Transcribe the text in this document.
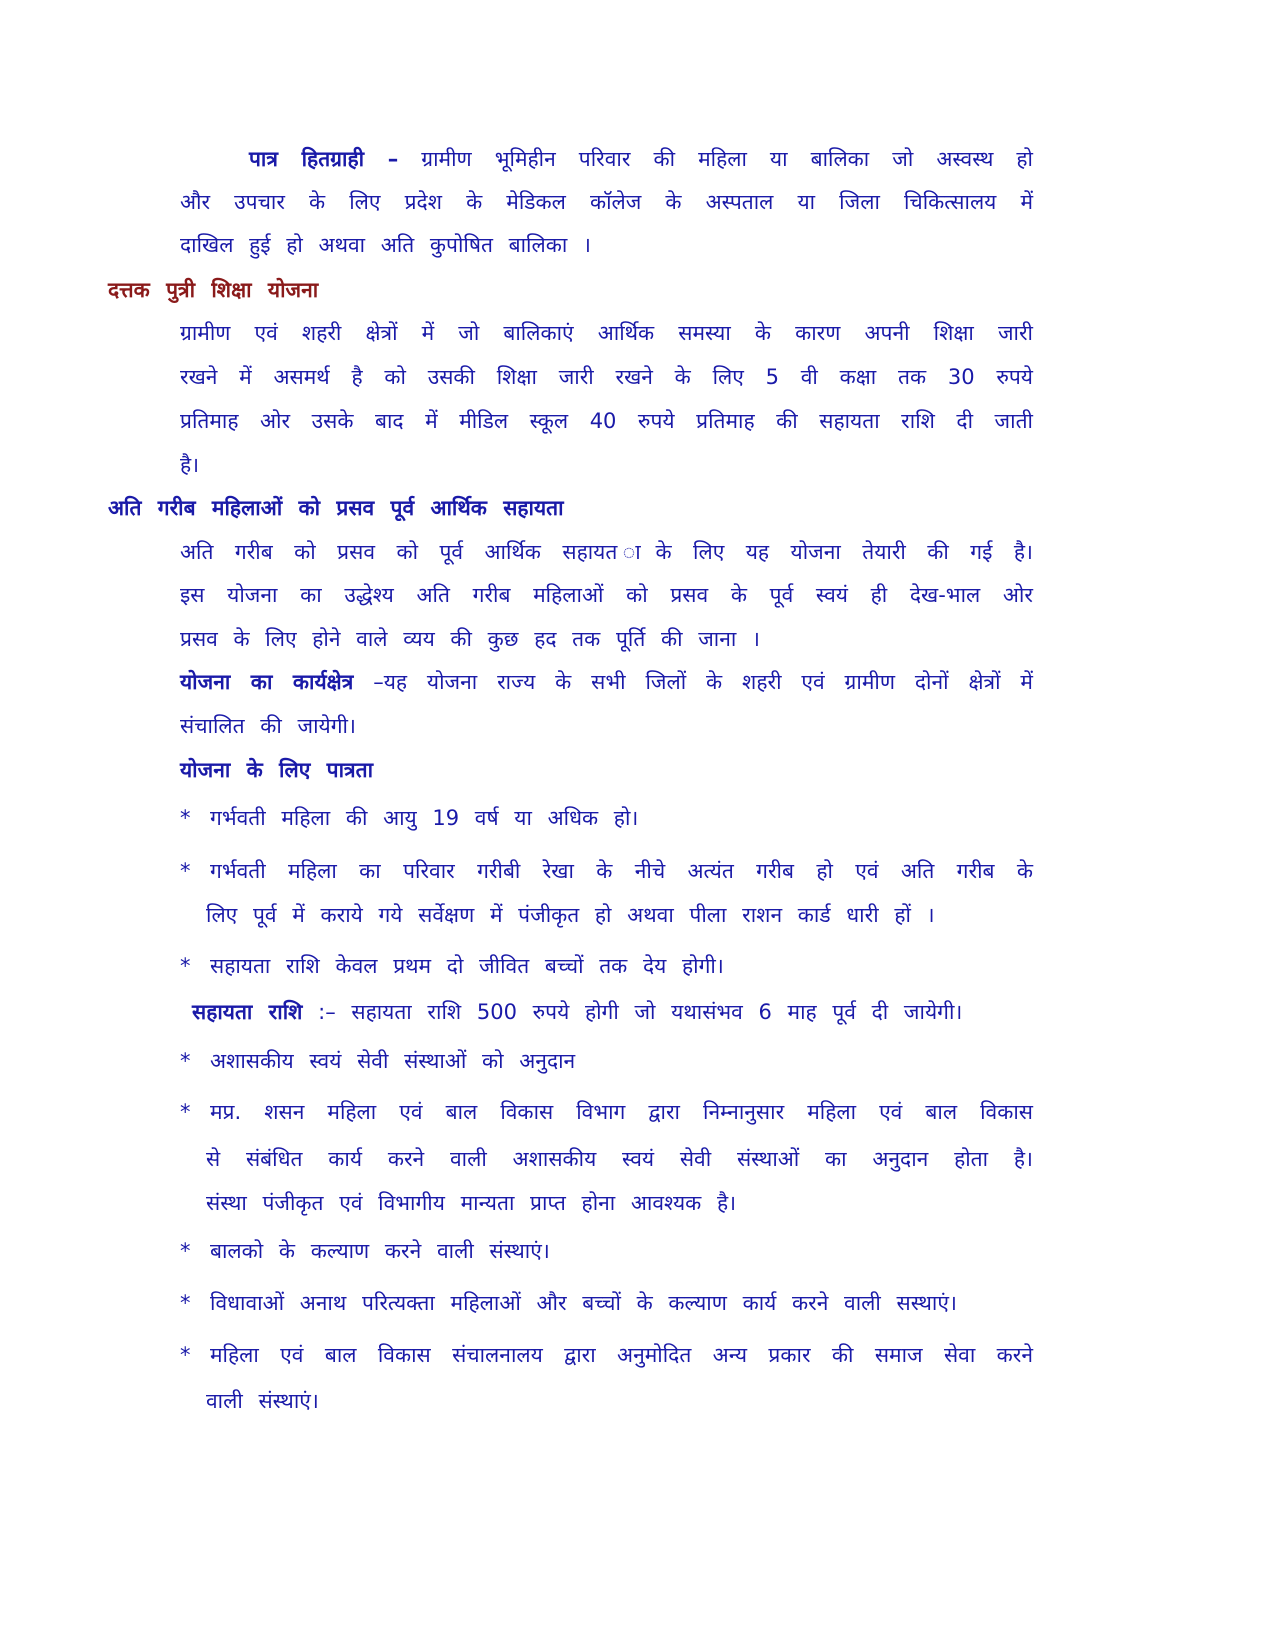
पात्र हितग्राही – ग्रामीण भूमिहीन परिवार की महिला या बालिका जो अस्वस्थ हो

और उपचार के लिए प्रदेश के मेडिकल कॉलेज के अस्पताल या जिला चिकित्सालय में

दाखिल हुई हो अथवा अति कुपोषित बालिका ।

दत्तक पुत्री शिक्षा योजना

ग्रामीण एवं शहरी क्षेत्रों में जो बालिकाएं आर्थिक समस्या के कारण अपनी शिक्षा जारी

रखने में असमर्थ है को उसकी शिक्षा जारी रखने के लिए 5 वी कक्षा तक 30 रुपये

प्रतिमाह ओर उसके बाद में मीडिल स्कूल 40 रुपये प्रतिमाह की सहायता राशि दी जाती

है।

अति गरीब महिलाओं को प्रसव पूर्व आर्थिक सहायता

अति गरीब को प्रसव को पूर्व आर्थिक सहायत ाके लिए यह योजना तेयारी की गई है।

इस योजना का उद्धेश्य अति गरीब महिलाओं को प्रसव के पूर्व स्वयं ही देख-भाल ओर

प्रसव के लिए होने वाले व्यय की कुछ हद तक पूर्ति की जाना ।

योजना का कार्यक्षेत्र –यह योजना राज्य के सभी जिलों के शहरी एवं ग्रामीण दोनों क्षेत्रों में

संचालित की जायेगी।

योजना के लिए पात्रता

* गर्भवती महिला की आयु 19 वर्ष या अधिक हो।

* गर्भवती महिला का परिवार गरीबी रेखा के नीचे अत्यंत गरीब हो एवं अति गरीब के

लिए पूर्व में कराये गये सर्वेक्षण में पंजीकृत हो अथवा पीला राशन कार्ड धारी हों ।

* सहायता राशि केवल प्रथम दो जीवित बच्चों तक देय होगी।

सहायता राशि :– सहायता राशि 500 रुपये होगी जो यथासंभव 6 माह पूर्व दी जायेगी।

* अशासकीय स्वयं सेवी संस्थाओं को अनुदान

* मप्र. शसन महिला एवं बाल विकास विभाग द्वारा निम्नानुसार महिला एवं बाल विकास

से संबंधित कार्य करने वाली अशासकीय स्वयं सेवी संस्थाओं का अनुदान होता है।

संस्था पंजीकृत एवं विभागीय मान्यता प्राप्त होना आवश्यक है।

* बालको के कल्याण करने वाली संस्थाएं।

* विधावाओं अनाथ परित्यक्ता महिलाओं और बच्चों के कल्याण कार्य करने वाली सस्थाएं।

* महिला एवं बाल विकास संचालनालय द्वारा अनुमोदित अन्य प्रकार की समाज सेवा करने

वाली संस्थाएं।
